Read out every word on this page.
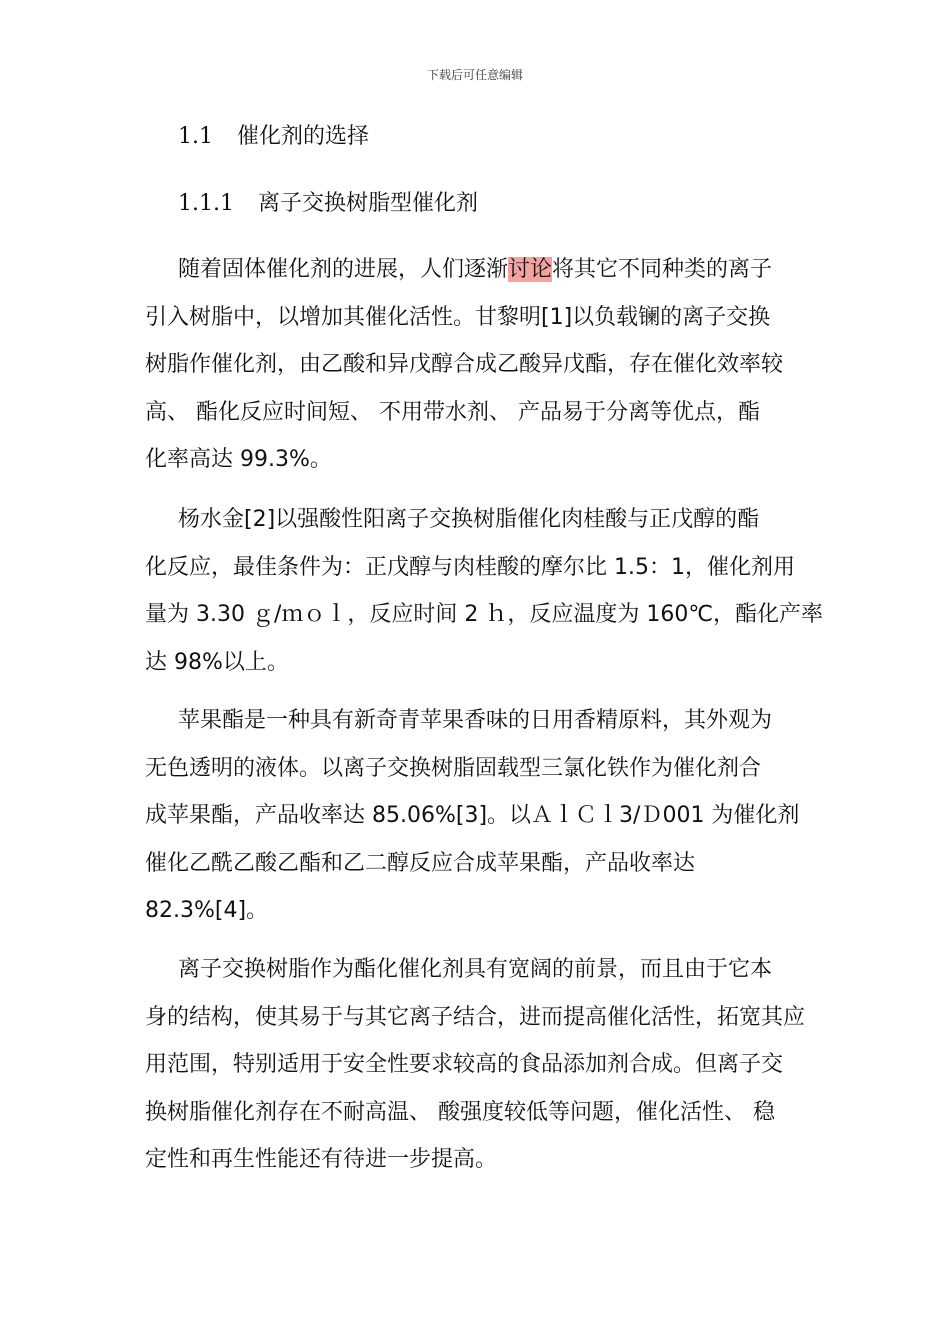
下载后可任意编辑
1.1 催化剂的选择
1.1.1 离子交换树脂型催化剂
随着固体催化剂的进展，人们逐渐讨论将其它不同种类的离子
引入树脂中，以增加其催化活性。甘黎明[1]以负载镧的离子交换
树脂作催化剂，由乙酸和异戊醇合成乙酸异戊酯，存在催化效率较
高、 酯化反应时间短、 不用带水剂、 产品易于分离等优点，酯
化率高达 99.3%。
杨水金[2]以强酸性阳离子交换树脂催化肉桂酸与正戊醇的酯
化反应，最佳条件为：正戊醇与肉桂酸的摩尔比 1.5：1，催化剂用
量为 3.30 ｇ/ｍｏｌ，反应时间 2 ｈ，反应温度为 160℃，酯化产率
达 98%以上。
苹果酯是一种具有新奇青苹果香味的日用香精原料，其外观为
无色透明的液体。以离子交换树脂固载型三氯化铁作为催化剂合
成苹果酯，产品收率达 85.06%[3]。以ＡｌＣｌ3/Ｄ001 为催化剂
催化乙酰乙酸乙酯和乙二醇反应合成苹果酯，产品收率达
82.3%[4]。
离子交换树脂作为酯化催化剂具有宽阔的前景，而且由于它本
身的结构，使其易于与其它离子结合，进而提高催化活性，拓宽其应
用范围，特别适用于安全性要求较高的食品添加剂合成。但离子交
换树脂催化剂存在不耐高温、 酸强度较低等问题，催化活性、 稳
定性和再生性能还有待进一步提高。
